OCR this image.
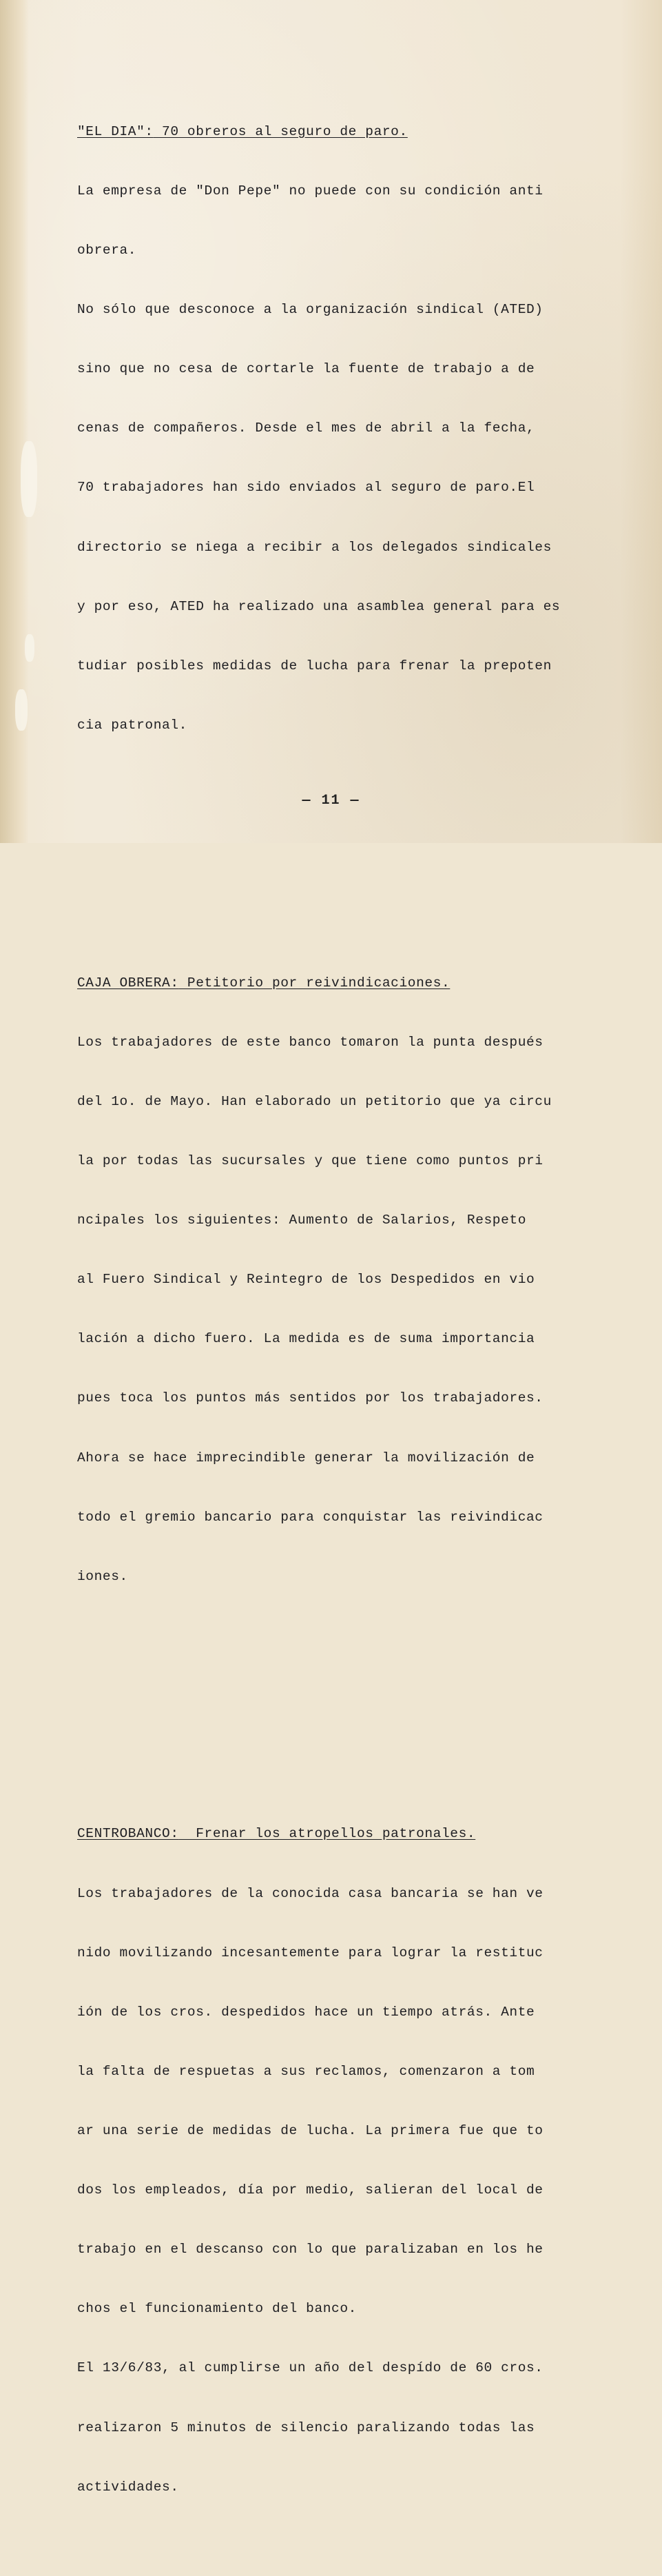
"EL DIA": 70 obreros al seguro de paro.

La empresa de "Don Pepe" no puede con su condición anti

obrera.

No sólo que desconoce a la organización sindical (ATED)

sino que no cesa de cortarle la fuente de trabajo a de

cenas de compañeros. Desde el mes de abril a la fecha,

70 trabajadores han sido enviados al seguro de paro.El

directorio se niega a recibir a los delegados sindicales

y por eso, ATED ha realizado una asamblea general para es

tudiar posibles medidas de lucha para frenar la prepoten

cia patronal.

CAJA OBRERA: Petitorio por reivindicaciones.

Los trabajadores de este banco tomaron la punta después

del 1o. de Mayo. Han elaborado un petitorio que ya circu

la por todas las sucursales y que tiene como puntos pri

ncipales los siguientes: Aumento de Salarios, Respeto

al Fuero Sindical y Reintegro de los Despedidos en vio

lación a dicho fuero. La medida es de suma importancia

pues toca los puntos más sentidos por los trabajadores.

Ahora se hace imprecindible generar la movilización de

todo el gremio bancario para conquistar las reivindicac

iones.

CENTROBANCO:  Frenar los atropellos patronales.

Los trabajadores de la conocida casa bancaria se han ve

nido movilizando incesantemente para lograr la restituc

ión de los cros. despedidos hace un tiempo atrás. Ante

la falta de respuetas a sus reclamos, comenzaron a tom

ar una serie de medidas de lucha. La primera fue que to

dos los empleados, día por medio, salieran del local de

trabajo en el descanso con lo que paralizaban en los he

chos el funcionamiento del banco.

El 13/6/83, al cumplirse un año del despído de 60 cros.

realizaron 5 minutos de silencio paralizando todas las

actividades.

— 11 —
